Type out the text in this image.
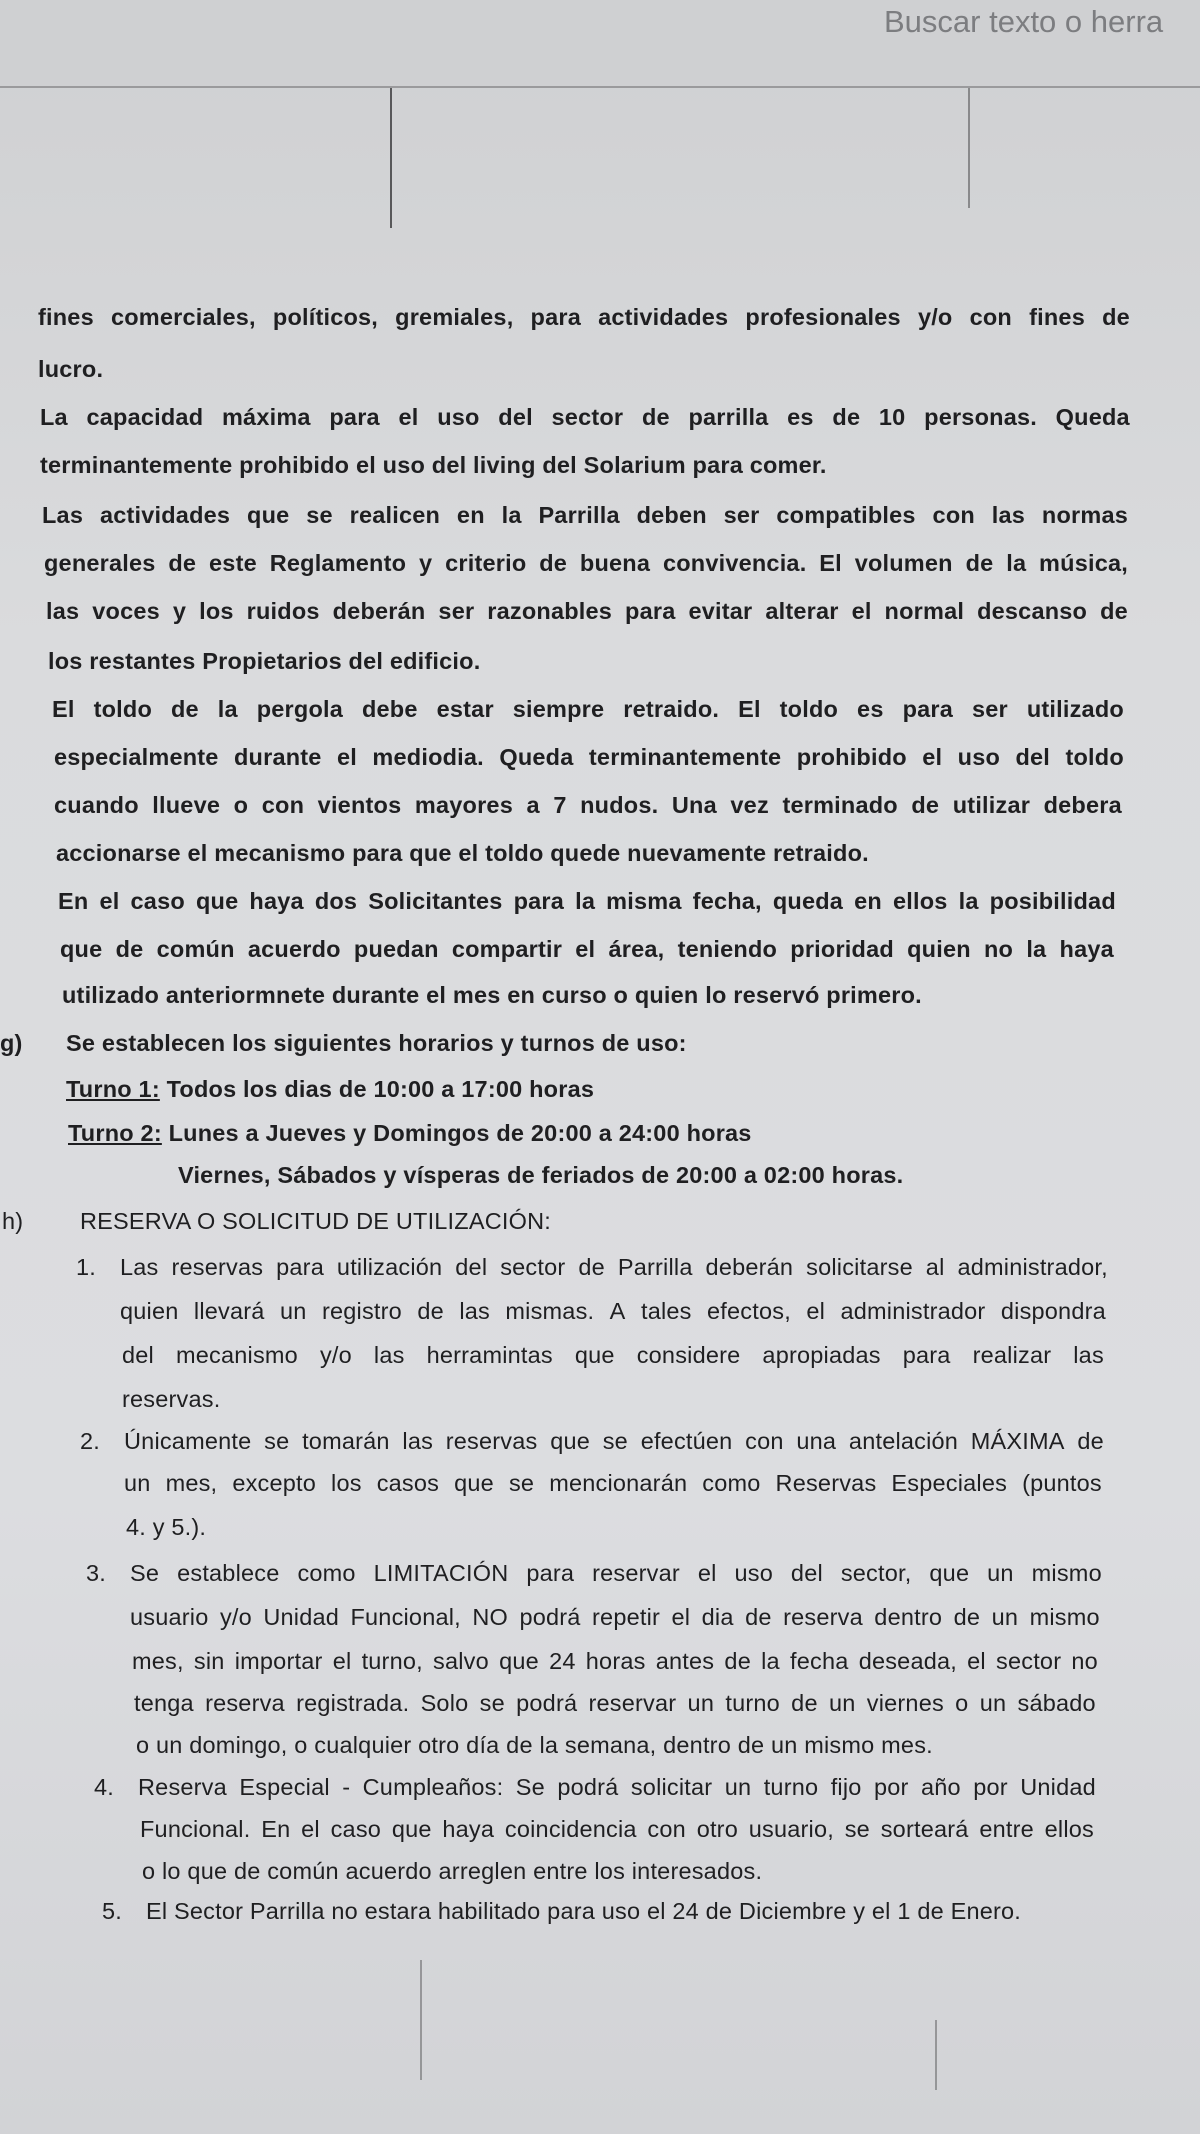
Buscar texto o herra
fines comerciales, políticos, gremiales, para actividades profesionales y/o con fines de
lucro.
La capacidad máxima para el uso del sector de parrilla es de 10 personas. Queda
terminantemente prohibido el uso del living del Solarium para comer.
Las actividades que se realicen en la Parrilla deben ser compatibles con las normas
generales de este Reglamento y criterio de buena convivencia. El volumen de la música,
las voces y los ruidos deberán ser razonables para evitar alterar el normal descanso de
los restantes Propietarios del edificio.
El toldo de la pergola debe estar siempre retraido. El toldo es para ser utilizado
especialmente durante el mediodia. Queda terminantemente prohibido el uso del toldo
cuando llueve o con vientos mayores a 7 nudos. Una vez terminado de utilizar debera
accionarse el mecanismo para que el toldo quede nuevamente retraido.
En el caso que haya dos Solicitantes para la misma fecha, queda en ellos la posibilidad
que de común acuerdo puedan compartir el área, teniendo prioridad quien no la haya
utilizado anteriormnete durante el mes en curso o quien lo reservó primero.
g) Se establecen los siguientes horarios y turnos de uso:
Turno 1: Todos los dias de 10:00 a 17:00 horas
Turno 2: Lunes a Jueves y Domingos de 20:00 a 24:00 horas
Viernes, Sábados y vísperas de feriados de 20:00 a 02:00 horas.
h) RESERVA O SOLICITUD DE UTILIZACIÓN:
1. Las reservas para utilización del sector de Parrilla deberán solicitarse al administrador,
quien llevará un registro de las mismas. A tales efectos, el administrador dispondra
del mecanismo y/o las herramintas que considere apropiadas para realizar las
reservas.
2. Únicamente se tomarán las reservas que se efectúen con una antelación MÁXIMA de
un mes, excepto los casos que se mencionarán como Reservas Especiales (puntos
4. y 5.).
3. Se establece como LIMITACIÓN para reservar el uso del sector, que un mismo
usuario y/o Unidad Funcional, NO podrá repetir el dia de reserva dentro de un mismo
mes, sin importar el turno, salvo que 24 horas antes de la fecha deseada, el sector no
tenga reserva registrada. Solo se podrá reservar un turno de un viernes o un sábado
o un domingo, o cualquier otro día de la semana, dentro de un mismo mes.
4. Reserva Especial - Cumpleaños: Se podrá solicitar un turno fijo por año por Unidad
Funcional. En el caso que haya coincidencia con otro usuario, se sorteará entre ellos
o lo que de común acuerdo arreglen entre los interesados.
5. El Sector Parrilla no estara habilitado para uso el 24 de Diciembre y el 1 de Enero.
